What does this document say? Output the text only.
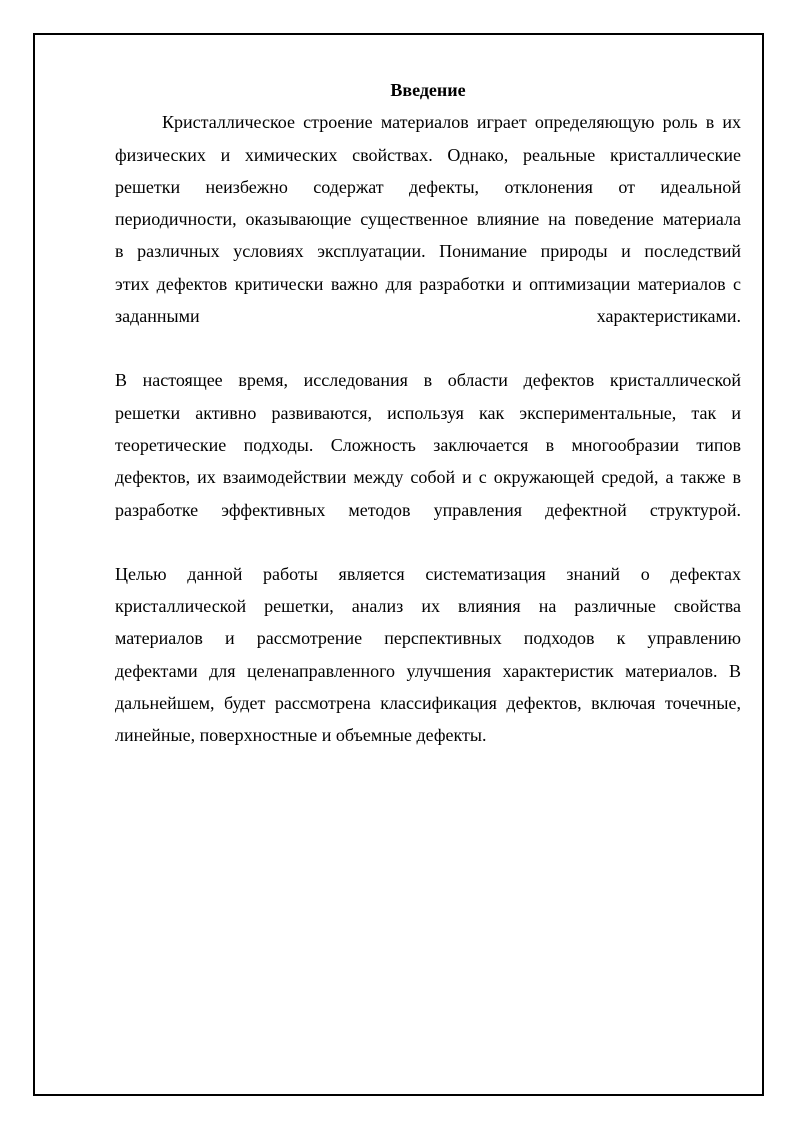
Введение

Кристаллическое строение материалов играет определяющую роль в их

физических и химических свойствах. Однако, реальные кристаллические

решетки неизбежно содержат дефекты, отклонения от идеальной

периодичности, оказывающие существенное влияние на поведение материала

в различных условиях эксплуатации. Понимание природы и последствий

этих дефектов критически важно для разработки и оптимизации материалов с

заданными характеристиками.

В настоящее время, исследования в области дефектов кристаллической

решетки активно развиваются, используя как экспериментальные, так и

теоретические подходы. Сложность заключается в многообразии типов

дефектов, их взаимодействии между собой и с окружающей средой, а также в

разработке эффективных методов управления дефектной структурой.

Целью данной работы является систематизация знаний о дефектах

кристаллической решетки, анализ их влияния на различные свойства

материалов и рассмотрение перспективных подходов к управлению

дефектами для целенаправленного улучшения характеристик материалов. В

дальнейшем, будет рассмотрена классификация дефектов, включая точечные,

линейные, поверхностные и объемные дефекты.
